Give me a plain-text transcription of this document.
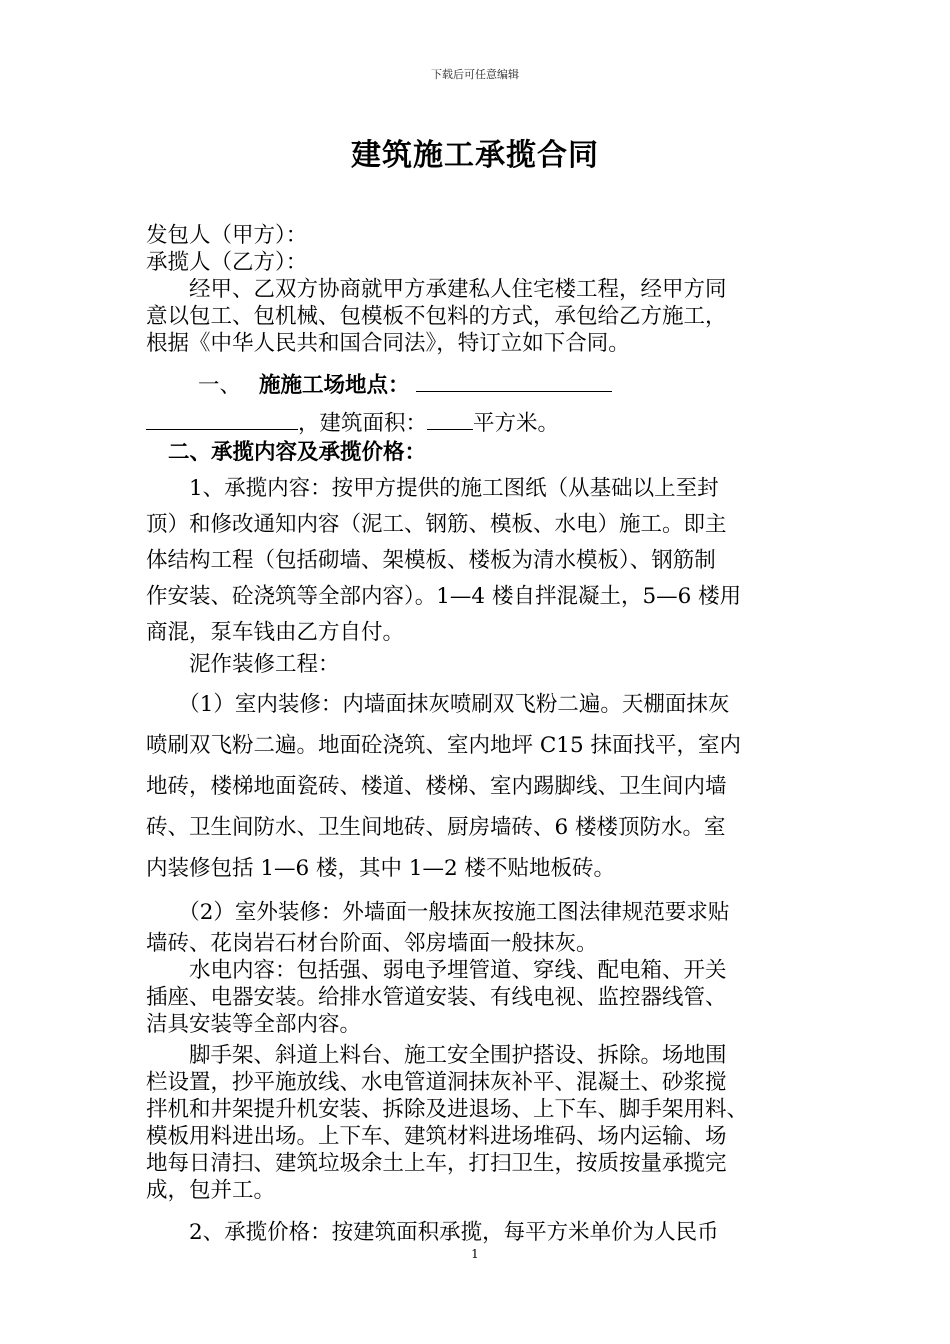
下载后可任意编辑
建筑施工承揽合同

发包人（甲方）：

承揽人（乙方）：

　　经甲、乙双方协商就甲方承建私人住宅楼工程，经甲方同

意以包工、包机械、包模板不包料的方式，承包给乙方施工，

根据《中华人民共和国合同法》，特订立如下合同。

一、 施施工场地点：

，建筑面积： 平方米。

二、承揽内容及承揽价格：

　　1、承揽内容：按甲方提供的施工图纸（从基础以上至封

顶）和修改通知内容（泥工、钢筋、模板、水电）施工。即主

体结构工程（包括砌墙、架模板、楼板为清水模板）、钢筋制

作安装、砼浇筑等全部内容）。1—4 楼自拌混凝土，5—6 楼用

商混，泵车钱由乙方自付。

　　泥作装修工程：

　　（1）室内装修：内墙面抹灰喷刷双飞粉二遍。天棚面抹灰

喷刷双飞粉二遍。地面砼浇筑、室内地坪 C15 抹面找平，室内

地砖，楼梯地面瓷砖、楼道、楼梯、室内踢脚线、卫生间内墙

砖、卫生间防水、卫生间地砖、厨房墙砖、6 楼楼顶防水。室

内装修包括 1—6 楼，其中 1—2 楼不贴地板砖。

　　（2）室外装修：外墙面一般抹灰按施工图法律规范要求贴

墙砖、花岗岩石材台阶面、邻房墙面一般抹灰。

　　水电内容：包括强、弱电予埋管道、穿线、配电箱、开关

插座、电器安装。给排水管道安装、有线电视、监控器线管、

洁具安装等全部内容。

　　脚手架、斜道上料台、施工安全围护搭设、拆除。场地围

栏设置，抄平施放线、水电管道洞抹灰补平、混凝土、砂浆搅

拌机和井架提升机安装、拆除及进退场、上下车、脚手架用料、

模板用料进出场。上下车、建筑材料进场堆码、场内运输、场

地每日清扫、建筑垃圾余土上车，打扫卫生，按质按量承揽完

成，包并工。

　　2、承揽价格：按建筑面积承揽，每平方米单价为人民币

1
